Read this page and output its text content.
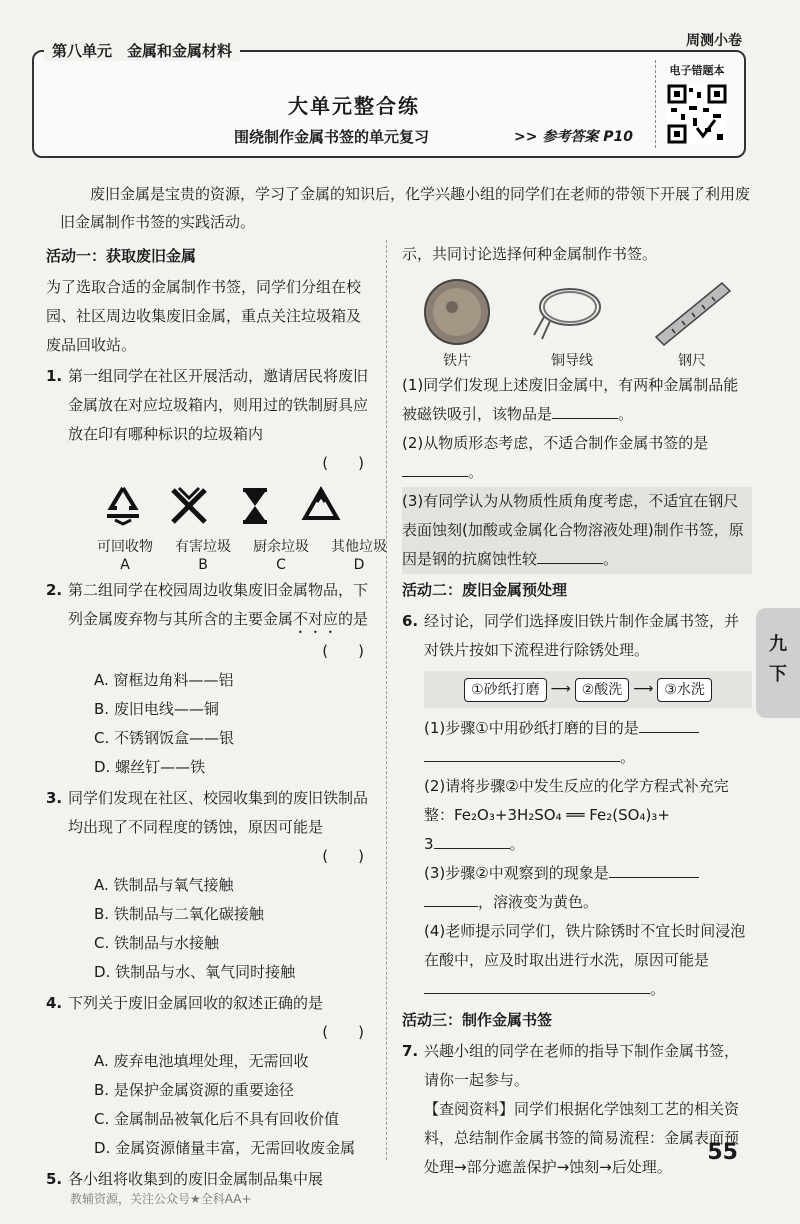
周测小卷
大单元整合练
围绕制作金属书签的单元复习	>> 参考答案 P10
电子错题本
第八单元　金属和金属材料
废旧金属是宝贵的资源，学习了金属的知识后，化学兴趣小组的同学们在老师的带领下开展了利用废旧金属制作书签的实践活动。
活动一：获取废旧金属
为了选取合适的金属制作书签，同学们分组在校园、社区周边收集废旧金属，重点关注垃圾箱及废品回收站。
1. 第一组同学在社区开展活动，邀请居民将废旧金属放在对应垃圾箱内，则用过的铁制厨具应放在印有哪种标识的垃圾箱内
(　　)
可回收物
A
有害垃圾
B
厨余垃圾
C
其他垃圾
D
2. 第二组同学在校园周边收集废旧金属物品，下列金属废弃物与其所含的主要金属不对应的是
(　　)
A. 窗框边角料——铝
B. 废旧电线——铜
C. 不锈钢饭盒——银
D. 螺丝钉——铁
3. 同学们发现在社区、校园收集到的废旧铁制品均出现了不同程度的锈蚀，原因可能是
(　　)
A. 铁制品与氧气接触
B. 铁制品与二氧化碳接触
C. 铁制品与水接触
D. 铁制品与水、氧气同时接触
4. 下列关于废旧金属回收的叙述正确的是
(　　)
A. 废弃电池填埋处理，无需回收
B. 是保护金属资源的重要途径
C. 金属制品被氧化后不具有回收价值
D. 金属资源储量丰富，无需回收废金属
5. 各小组将收集到的废旧金属制品集中展
示，共同讨论选择何种金属制作书签。
铁片	铜导线	钢尺
(1)同学们发现上述废旧金属中，有两种金属制品能被磁铁吸引，该物品是	。
(2)从物质形态考虑，不适合制作金属书签的是。
(3)有同学认为从物质性质角度考虑，不适宜在钢尺表面蚀刻(加酸或金属化合物溶液处理)制作书签，原因是钢的抗腐蚀性较	。
活动二：废旧金属预处理
6. 经讨论，同学们选择废旧铁片制作金属书签，并对铁片按如下流程进行除锈处理。
①砂纸打磨 ⟶ ②酸洗 ⟶ ③水洗
(1)步骤①中用砂纸打磨的目的是
。
(2)请将步骤②中发生反应的化学方程式补充完整：Fe₂O₃+3H₂SO₄ ══ Fe₂(SO₄)₃+
3	。
(3)步骤②中观察到的现象是
，溶液变为黄色。
(4)老师提示同学们，铁片除锈时不宜长时间浸泡在酸中，应及时取出进行水洗，原因可能是。
活动三：制作金属书签
7. 兴趣小组的同学在老师的指导下制作金属书签，请你一起参与。
【查阅资料】同学们根据化学蚀刻工艺的相关资料，总结制作金属书签的简易流程：金属表面预处理→部分遮盖保护→蚀刻→后处理。
九
下
55
教辅资源，关注公众号★全科AA+
